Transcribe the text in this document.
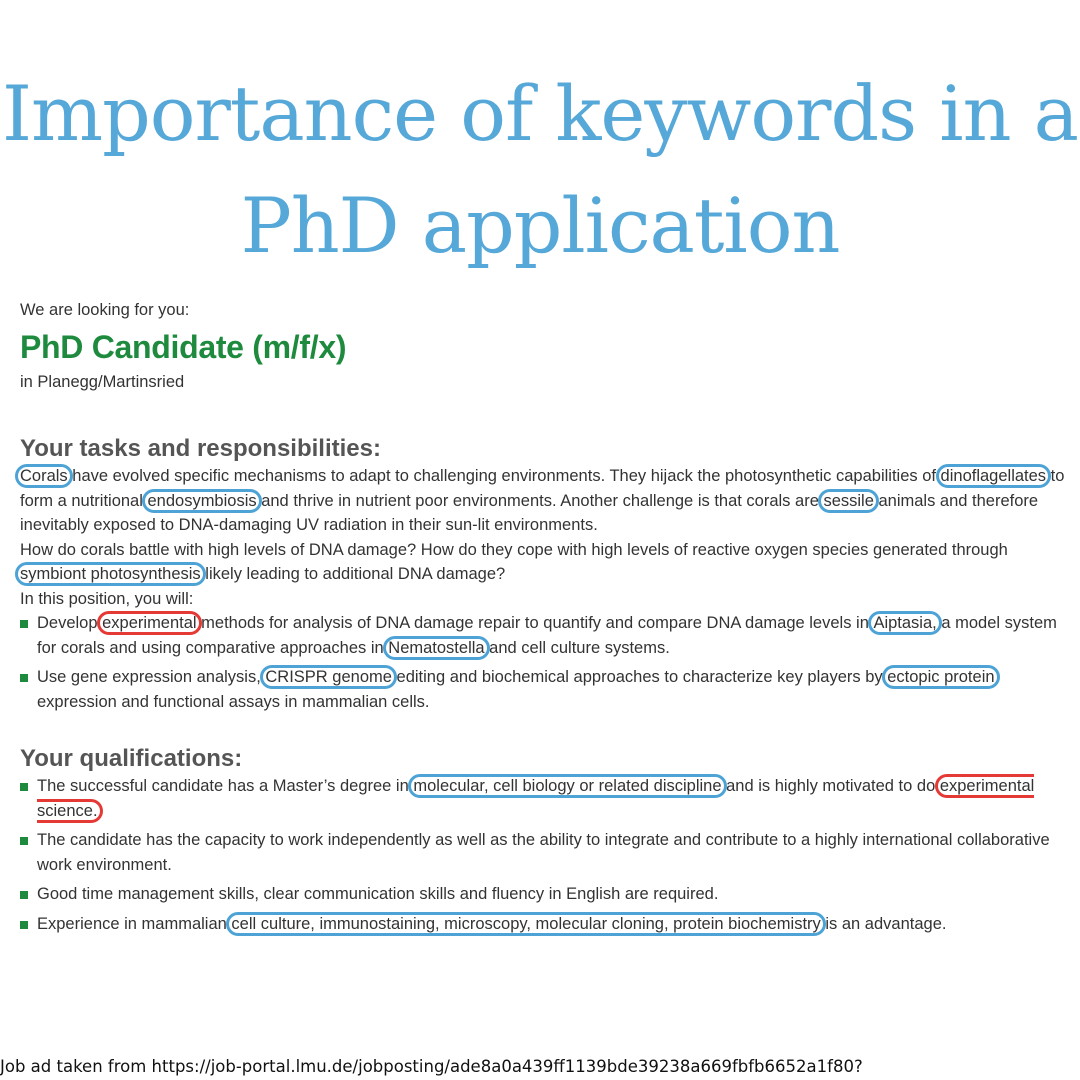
Importance of keywords in a
PhD application

We are looking for you:

PhD Candidate (m/f/x)

in Planegg/Martinsried

Your tasks and responsibilities:

Corals have evolved specific mechanisms to adapt to challenging environments. They hijack the photosynthetic capabilities of dinoflagellates to form a nutritional endosymbiosis and thrive in nutrient poor environments. Another challenge is that corals are sessile animals and therefore inevitably exposed to DNA-damaging UV radiation in their sun-lit environments.

How do corals battle with high levels of DNA damage? How do they cope with high levels of reactive oxygen species generated through symbiont photosynthesis likely leading to additional DNA damage?

In this position, you will:

Develop experimental methods for analysis of DNA damage repair to quantify and compare DNA damage levels in Aiptasia, a model system for corals and using comparative approaches in Nematostella and cell culture systems.
Use gene expression analysis, CRISPR genome editing and biochemical approaches to characterize key players by ectopic protein expression and functional assays in mammalian cells.
Your qualifications:
The successful candidate has a Master’s degree in molecular, cell biology or related discipline and is highly motivated to do experimental science.
The candidate has the capacity to work independently as well as the ability to integrate and contribute to a highly international collaborative work environment.
Good time management skills, clear communication skills and fluency in English are required.
Experience in mammalian cell culture, immunostaining, microscopy, molecular cloning, protein biochemistry is an advantage.
Job ad taken from https://job-portal.lmu.de/jobposting/ade8a0a439ff1139bde39238a669fbfb6652a1f80?
